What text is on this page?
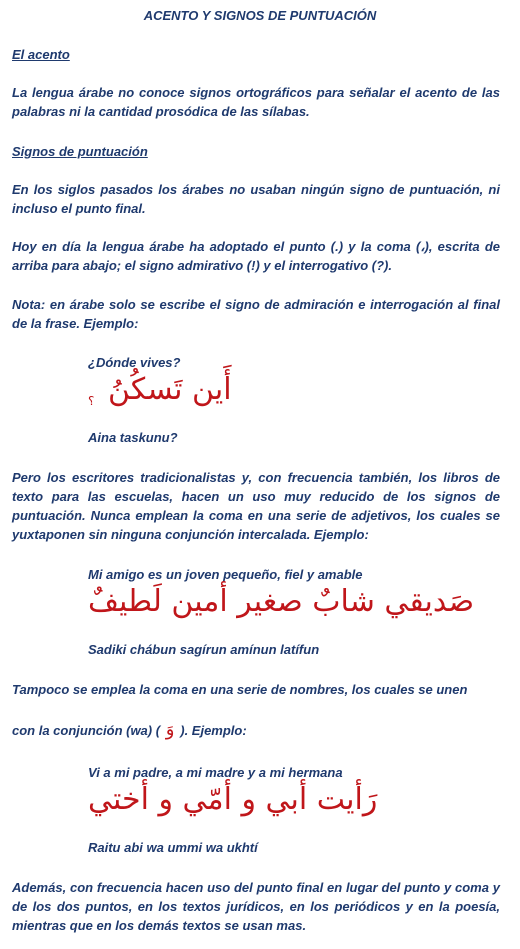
ACENTO Y SIGNOS DE PUNTUACIÓN

El acento

La lengua árabe no conoce signos ortográficos para señalar el acento de las palabras ni la cantidad prosódica de las sílabas.

Signos de puntuación

En los siglos pasados los árabes no usaban ningún signo de puntuación, ni incluso el punto final.

Hoy en día la lengua árabe ha adoptado el punto (.) y la coma (،), escrita de arriba para abajo; el signo admirativo (!) y el interrogativo (?).

Nota: en árabe solo se escribe el signo de admiración e interrogación al final de la frase. Ejemplo:

¿Dónde vives?

أَين تَسكُنُ
؟

Aina taskunu?

Pero los escritores tradicionalistas y, con frecuencia también, los libros de texto para las escuelas, hacen un uso muy reducido de los signos de puntuación. Nunca emplean la coma en una serie de adjetivos, los cuales se yuxtaponen sin ninguna conjunción intercalada. Ejemplo:

Mi amigo es un joven pequeño, fiel y amable

صَديقي شابٌ صغير أمين لَطيفٌ

Sadiki chábun sagírun amínun latífun

Tampoco se emplea la coma en una serie de nombres, los cuales se unen

con la conjunción (wa) ( وَ ). Ejemplo:

Vi a mi padre, a mi madre y a mi hermana

رَأيت أبي و أمّي و أختي

Raitu abi wa ummi wa ukhtí

Además, con frecuencia hacen uso del punto final en lugar del punto y coma y de los dos puntos, en los textos jurídicos, en los periódicos y en la poesía, mientras que en los demás textos se usan mas.
